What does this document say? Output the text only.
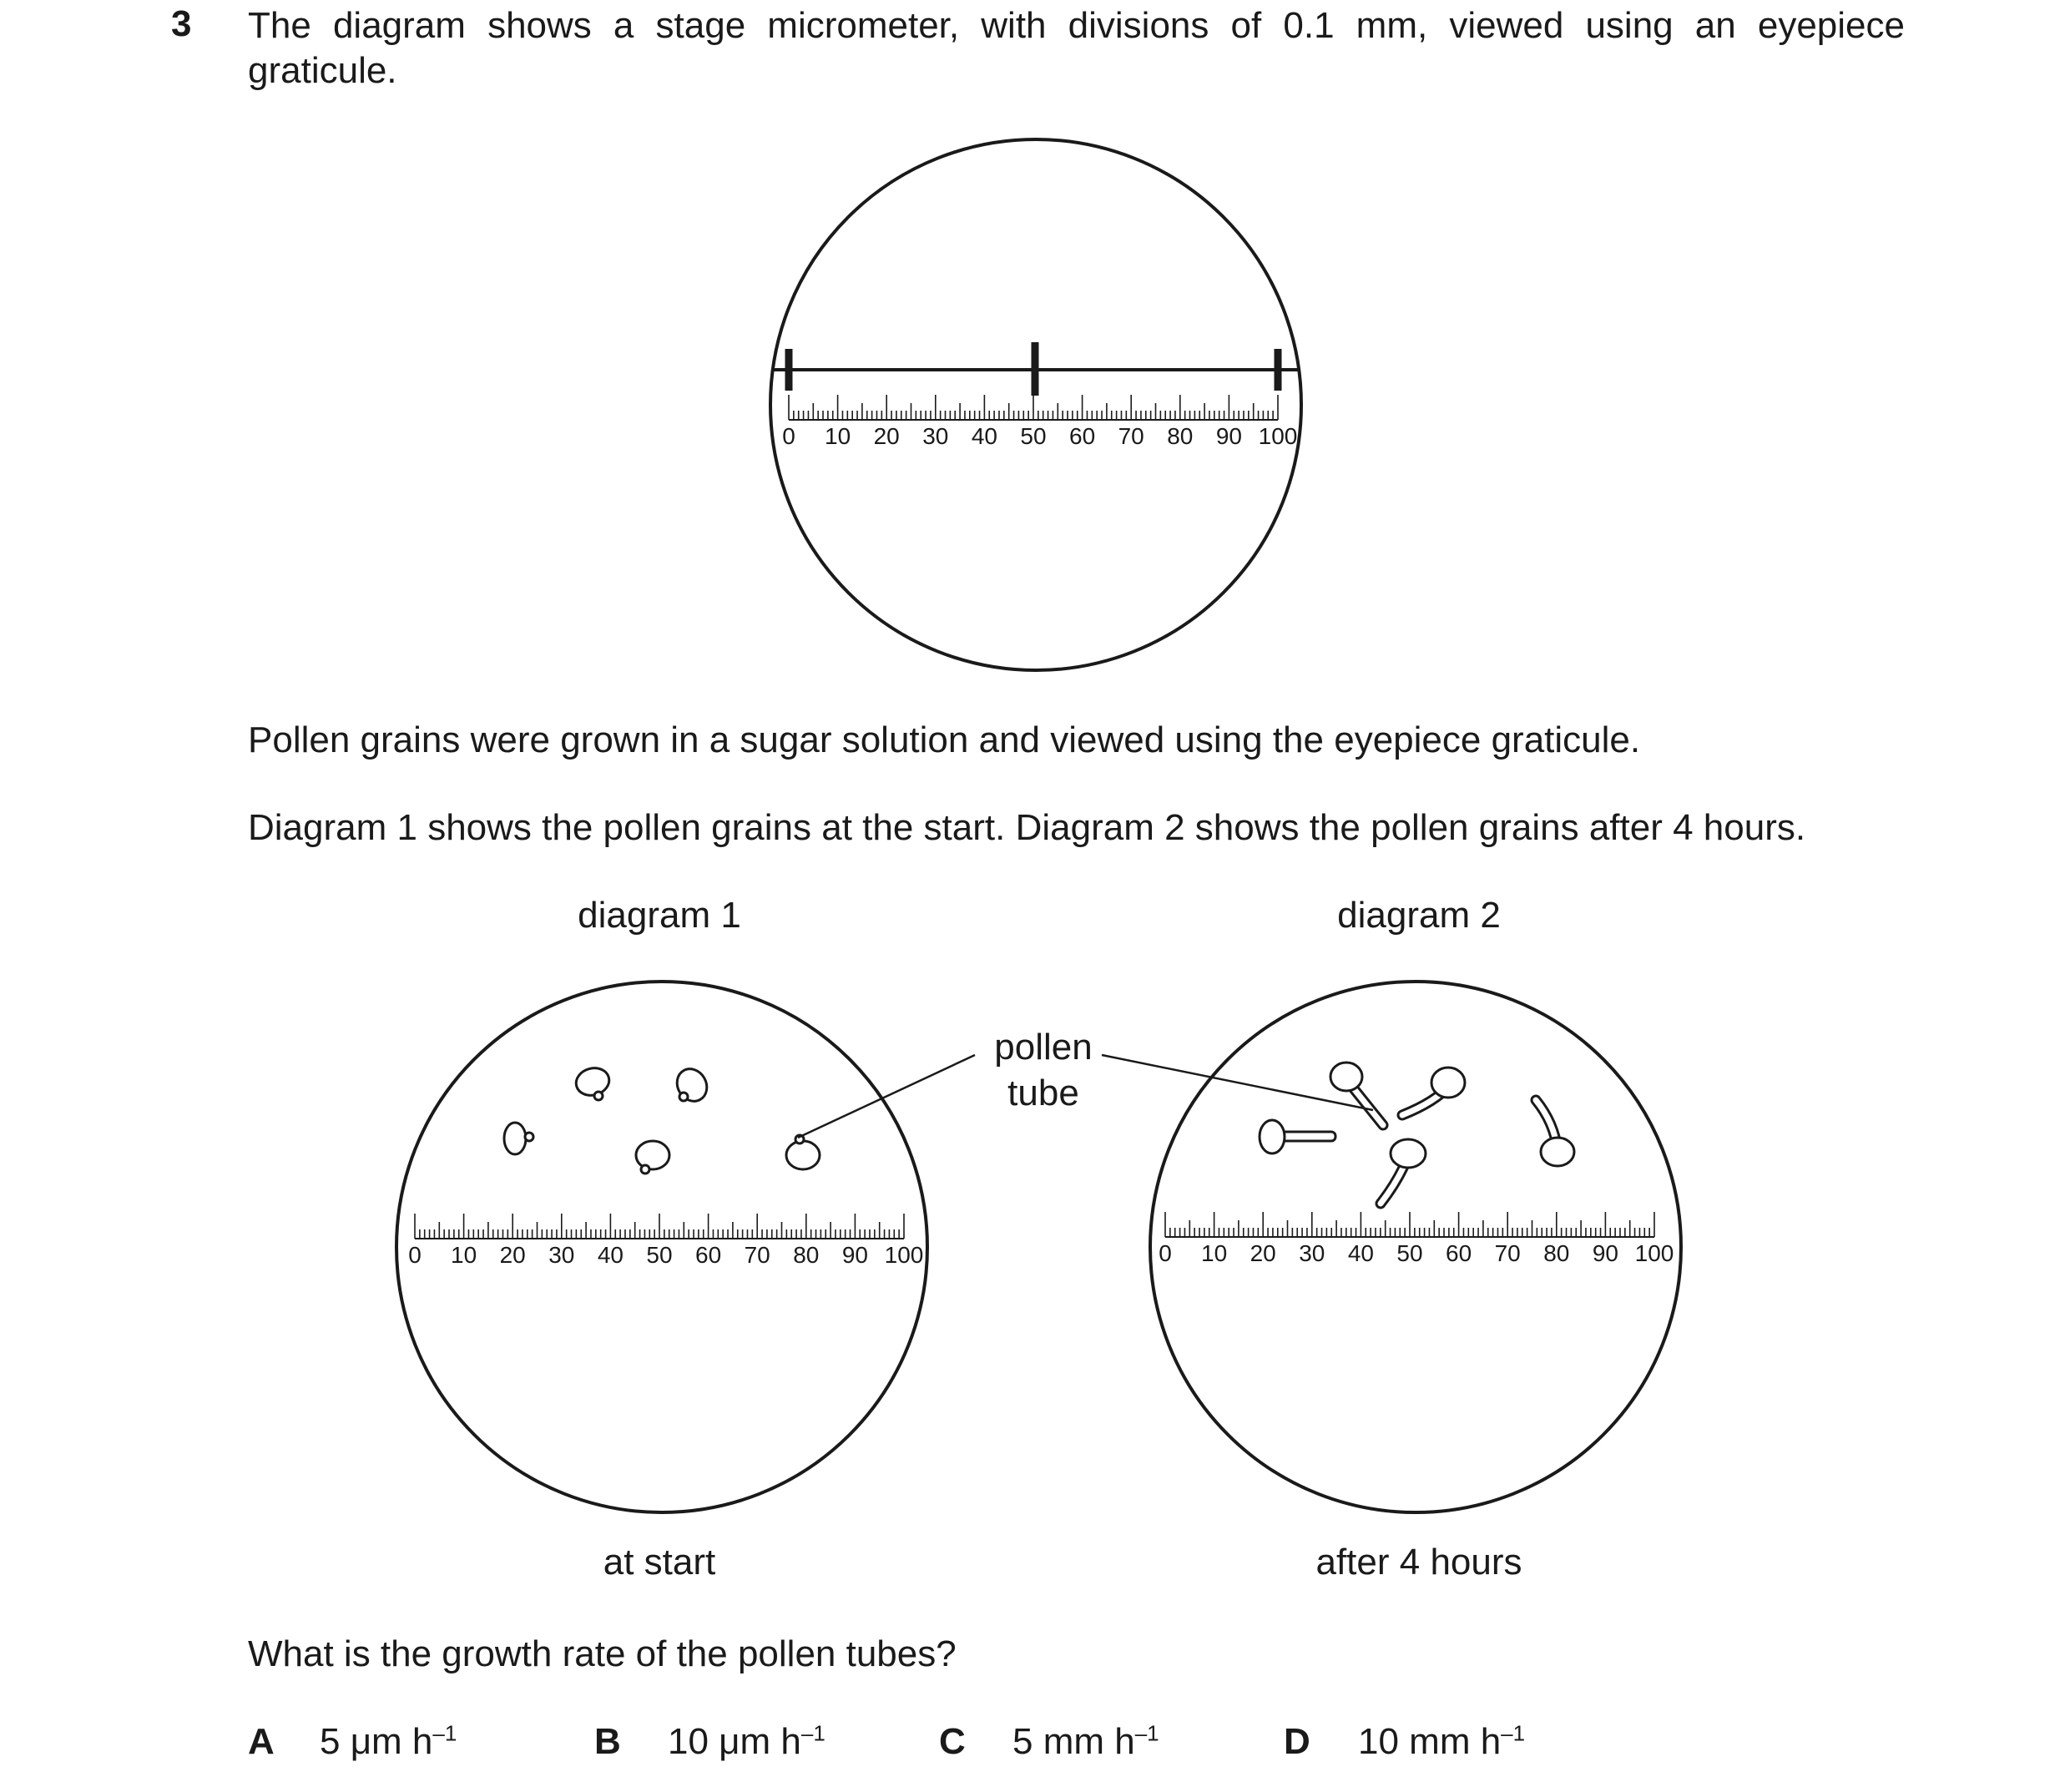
3 The diagram shows a stage micrometer, with divisions of 0.1 mm, viewed using an eyepiece
graticule.
Pollen grains were grown in a sugar solution and viewed using the eyepiece graticule.
Diagram 1 shows the pollen grains at the start. Diagram 2 shows the pollen grains after 4 hours.
diagram 1	diagram 2
pollen
tube
at start	after 4 hours
What is the growth rate of the pollen tubes?
A 5 μm $h^{-1}$	B 10 μm $h^{-1}$	C 5 mm $h^{-1}$	D 10 mm $h^{-1}$
0 10 20 30 40 50 60 70 80 90 100
0 10 20 30 40 50 60 70 80 90 100	0 10 20 30 40 50 60 70 80 90 100
